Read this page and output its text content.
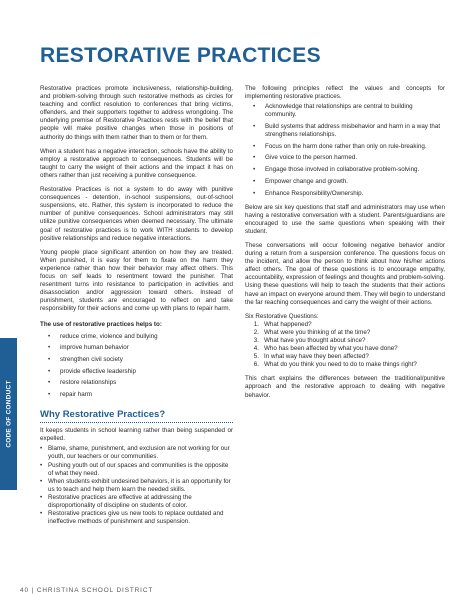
RESTORATIVE PRACTICES

Restorative practices promote inclusiveness, relationship-building, and problem-solving through such restorative methods as circles for teaching and conflict resolution to conferences that bring victims, offenders, and their supporters together to address wrongdoing. The underlying premise of Restorative Practices rests with the belief that people will make positive changes when those in positions of authority do things with them rather than to them or for them.

When a student has a negative interaction, schools have the ability to employ a restorative approach to consequences. Students will be taught to carry the weight of their actions and the impact it has on others rather than just receiving a punitive consequence.

Restorative Practices is not a system to do away with punitive consequences - detention, in-school suspensions, out-of-school suspensions, etc. Rather, this system is incorporated to reduce the number of punitive consequences. School administrators may still utilize punitive consequences when deemed necessary. The ultimate goal of restorative practices is to work WITH students to develop positive relationships and reduce negative interactions.

Young people place significant attention on how they are treated. When punished, it is easy for them to fixate on the harm they experience rather than how their behavior may affect others. This focus on self leads to resentment toward the punisher. That resentment turns into resistance to participation in activities and disassociation and/or aggression toward others. Instead of punishment, students are encouraged to reflect on and take responsibility for their actions and come up with plans to repair harm.

The use of restorative practices helps to:
• reduce crime, violence and bullying
• improve human behavior
• strengthen civil society
• provide effective leadership
• restore relationships
• repair harm
Why Restorative Practices?

It keeps students in school learning rather than being suspended or expelled.

• Blame, shame, punishment, and exclusion are not working for our youth, our teachers or our communities.
• Pushing youth out of our spaces and communities is the opposite of what they need.
• When students exhibit undesired behaviors, it is an opportunity for us to teach and help them learn the needed skills.
• Restorative practices are effective at addressing the disproportionality of discipline on students of color.
• Restorative practices give us new tools to replace outdated and ineffective methods of punishment and suspension.

The following principles reflect the values and concepts for implementing restorative practices.

• Acknowledge that relationships are central to building community.
• Build systems that address misbehavior and harm in a way that strengthens relationships.
• Focus on the harm done rather than only on rule-breaking.
• Give voice to the person harmed.
• Engage those involved in collaborative problem-solving.
• Empower change and growth.
• Enhance Responsibility/Ownership.

Below are six key questions that staff and administrators may use when having a restorative conversation with a student. Parents/guardians are encouraged to use the same questions when speaking with their student.

These conversations will occur following negative behavior and/or during a return from a suspension conference. The questions focus on the incident, and allow the person to think about how his/her actions affect others. The goal of these questions is to encourage empathy, accountability, expression of feelings and thoughts and problem-solving. Using these questions will help to teach the students that their actions have an impact on everyone around them. They will begin to understand the far reaching consequences and carry the weight of their actions.

Six Restorative Questions:
1. What happened?
2. What were you thinking of at the time?
3. What have you thought about since?
4. Who has been affected by what you have done?
5. In what way have they been affected?
6. What do you think you need to do to make things right?

This chart explains the differences between the traditional/punitive approach and the restorative approach to dealing with negative behavior.

CODE OF CONDUCT
40 | CHRISTINA SCHOOL DISTRICT
